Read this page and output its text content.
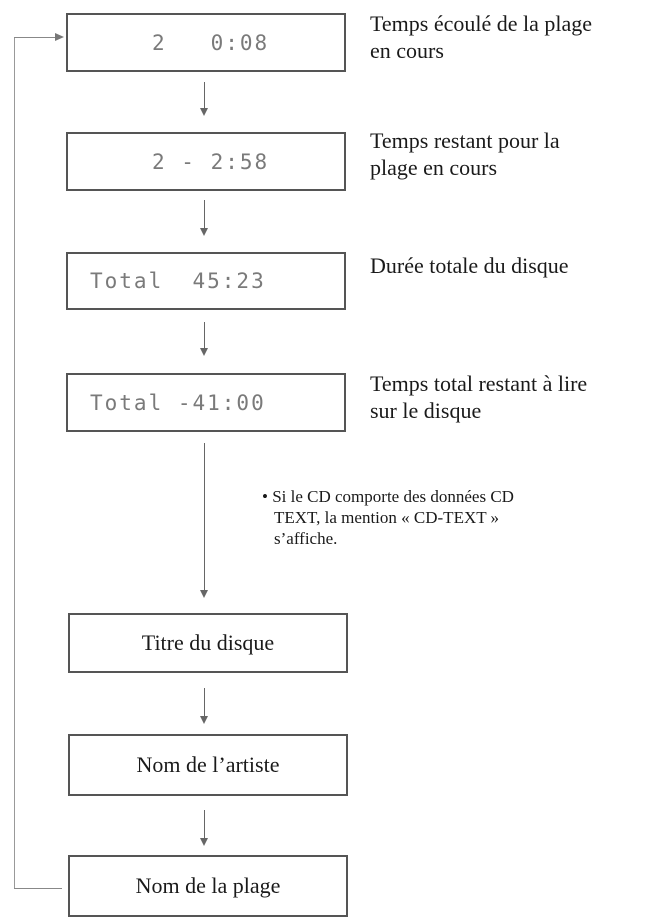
2   0:08
Temps écoulé de la plage
en cours
2 - 2:58
Temps restant pour la
plage en cours
Total  45:23
Durée totale du disque
Total -41:00
Temps total restant à lire
sur le disque
• Si le CD comporte des données CD
TEXT, la mention « CD-TEXT »
s’affiche.
Titre du disque
Nom de l’artiste
Nom de la plage
